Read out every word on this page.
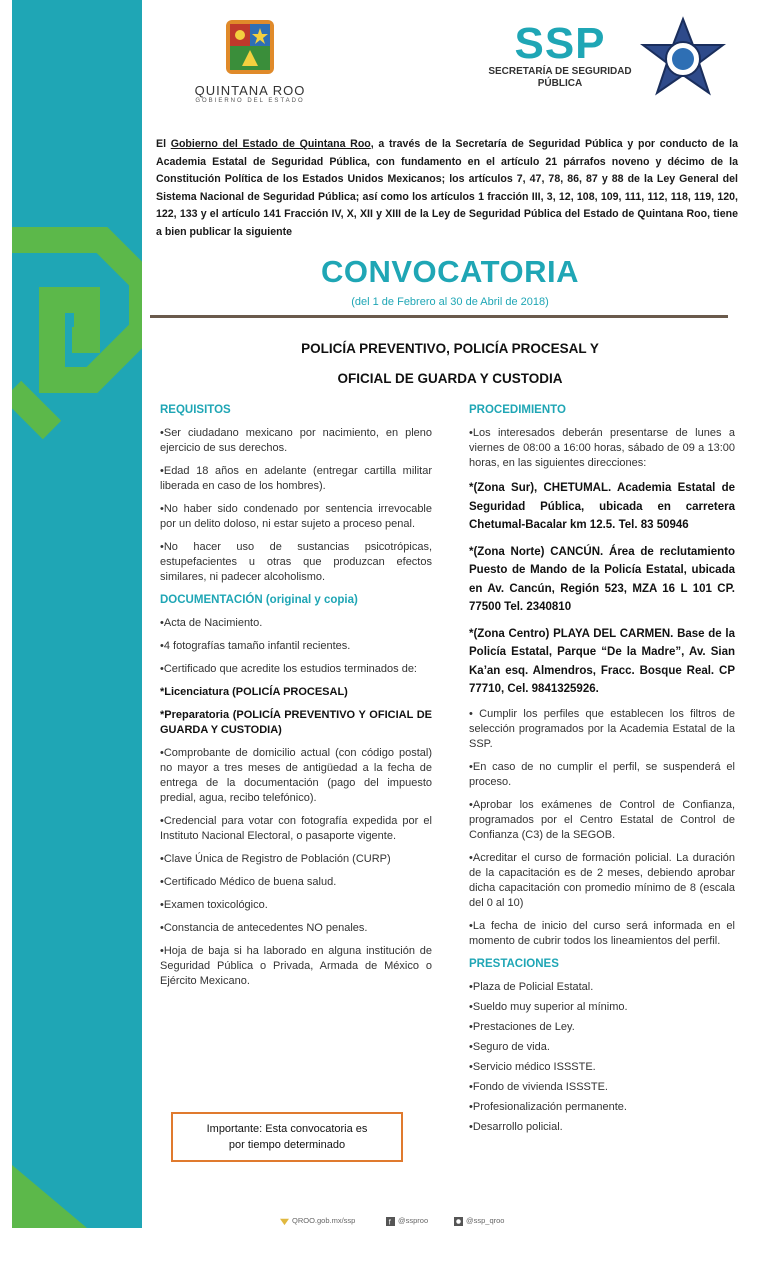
QUINTANA ROO
GOBIERNO DEL ESTADO
SSP
SECRETARÍA DE SEGURIDAD
PÚBLICA
QUINTANA ROO
El Gobierno del Estado de Quintana Roo, a través de la Secretaría de Seguridad Pública y por conducto de la Academia Estatal de Seguridad Pública, con fundamento en el artículo 21 párrafos noveno y décimo de la Constitución Política de los Estados Unidos Mexicanos; los artículos 7, 47, 78, 86, 87 y 88 de la Ley General del Sistema Nacional de Seguridad Pública; así como los artículos 1 fracción III, 3, 12, 108, 109, 111, 112, 118, 119, 120, 122, 133 y el artículo 141 Fracción IV, X, XII y XIII de la Ley de Seguridad Pública del Estado de Quintana Roo, tiene a bien publicar la siguiente
CONVOCATORIA
(del 1 de Febrero al 30 de Abril de 2018)
POLICÍA PREVENTIVO, POLICÍA PROCESAL Y
OFICIAL DE GUARDA Y CUSTODIA
REQUISITOS

•Ser ciudadano mexicano por nacimiento, en pleno ejercicio de sus derechos.

•Edad 18 años en adelante (entregar cartilla militar liberada en caso de los hombres).

•No haber sido condenado por sentencia irrevocable por un delito doloso, ni estar sujeto a proceso penal.

•No hacer uso de sustancias psicotrópicas, estupefacientes u otras que produzcan efectos similares, ni padecer alcoholismo.

DOCUMENTACIÓN (original y copia)

•Acta de Nacimiento.

•4 fotografías tamaño infantil recientes.

•Certificado que acredite los estudios terminados de:

*Licenciatura (POLICÍA PROCESAL)

*Preparatoria (POLICÍA PREVENTIVO Y OFICIAL DE GUARDA Y CUSTODIA)

•Comprobante de domicilio actual (con código postal) no mayor a tres meses de antigüedad a la fecha de entrega de la documentación (pago del impuesto predial, agua, recibo telefónico).

•Credencial para votar con fotografía expedida por el Instituto Nacional Electoral, o pasaporte vigente.

•Clave Única de Registro de Población (CURP)

•Certificado Médico de buena salud.

•Examen toxicológico.

•Constancia de antecedentes NO penales.

•Hoja de baja si ha laborado en alguna institución de Seguridad Pública o Privada, Armada de México o Ejército Mexicano.

Importante: Esta convocatoria es
por tiempo determinado
PROCEDIMIENTO

•Los interesados deberán presentarse de lunes a viernes de 08:00 a 16:00 horas, sábado de 09 a 13:00 horas, en las siguientes direcciones:

*(Zona Sur), CHETUMAL. Academia Estatal de Seguridad Pública, ubicada en carretera Chetumal-Bacalar km 12.5. Tel. 83 50946

*(Zona Norte) CANCÚN. Área de reclutamiento Puesto de Mando de la Policía Estatal, ubicada en Av. Cancún, Región 523, MZA 16 L 101 CP. 77500 Tel. 2340810

*(Zona Centro) PLAYA DEL CARMEN. Base de la Policía Estatal, Parque “De la Madre”, Av. Sian Ka’an esq. Almendros, Fracc. Bosque Real. CP 77710, Cel. 9841325926.

• Cumplir los perfiles que establecen los filtros de selección programados por la Academia Estatal de la SSP.

•En caso de no cumplir el perfil, se suspenderá el proceso.

•Aprobar los exámenes de Control de Confianza, programados por el Centro Estatal de Control de Confianza (C3) de la SEGOB.

•Acreditar el curso de formación policial. La duración de la capacitación es de 2 meses, debiendo aprobar dicha capacitación con promedio mínimo de 8 (escala del 0 al 10)

•La fecha de inicio del curso será informada en el momento de cubrir todos los lineamientos del perfil.

PRESTACIONES

•Plaza de Policial Estatal.

•Sueldo muy superior al mínimo.

•Prestaciones de Ley.

•Seguro de vida.

•Servicio médico ISSSTE.

•Fondo de vivienda ISSSTE.

•Profesionalización permanente.

•Desarrollo policial.

QROO.gob.mx/ssp	f @ssproo	@ssp_qroo
